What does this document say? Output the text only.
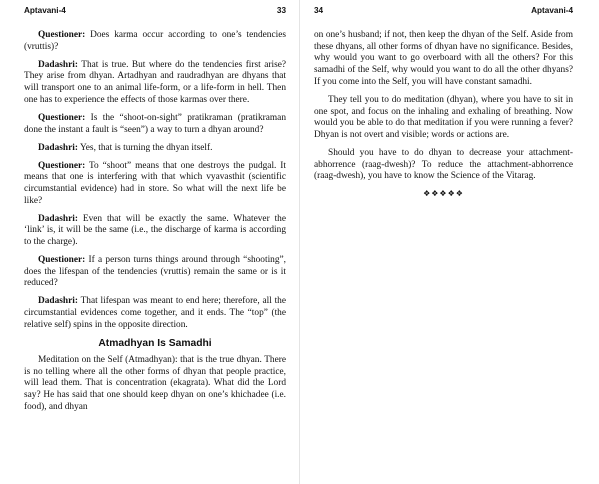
Aptavani-4	33

Questioner: Does karma occur according to one’s tendencies (vruttis)?

Dadashri: That is true. But where do the tendencies first arise? They arise from dhyan. Artadhyan and raudradhyan are dhyans that will transport one to an animal life-form, or a life-form in hell. Then one has to experience the effects of those karmas over there.

Questioner: Is the “shoot-on-sight” pratikraman (pratikraman done the instant a fault is “seen”) a way to turn a dhyan around?

Dadashri: Yes, that is turning the dhyan itself.

Questioner: To “shoot” means that one destroys the pudgal. It means that one is interfering with that which vyavasthit (scientific circumstantial evidence) had in store. So what will the next life be like?

Dadashri: Even that will be exactly the same. Whatever the ‘link’ is, it will be the same (i.e., the discharge of karma is according to the charge).

Questioner: If a person turns things around through “shooting”, does the lifespan of the tendencies (vruttis) remain the same or is it reduced?

Dadashri: That lifespan was meant to end here; therefore, all the circumstantial evidences come together, and it ends. The “top” (the relative self) spins in the opposite direction.

Atmadhyan Is Samadhi

Meditation on the Self (Atmadhyan): that is the true dhyan. There is no telling where all the other forms of dhyan that people practice, will lead them. That is concentration (ekagrata). What did the Lord say? He has said that one should keep dhyan on one’s khichadee (i.e. food), and dhyan

34	Aptavani-4

on one’s husband; if not, then keep the dhyan of the Self. Aside from these dhyans, all other forms of dhyan have no significance. Besides, why would you want to go overboard with all the others? For this samadhi of the Self, why would you want to do all the other dhyans? If you come into the Self, you will have constant samadhi.

They tell you to do meditation (dhyan), where you have to sit in one spot, and focus on the inhaling and exhaling of breathing. Now would you be able to do that meditation if you were running a fever? Dhyan is not overt and visible; words or actions are.

Should you have to do dhyan to decrease your attachment-abhorrence (raag-dwesh)? To reduce the attachment-abhorrence (raag-dwesh), you have to know the Science of the Vitarag.

❖❖❖❖❖
